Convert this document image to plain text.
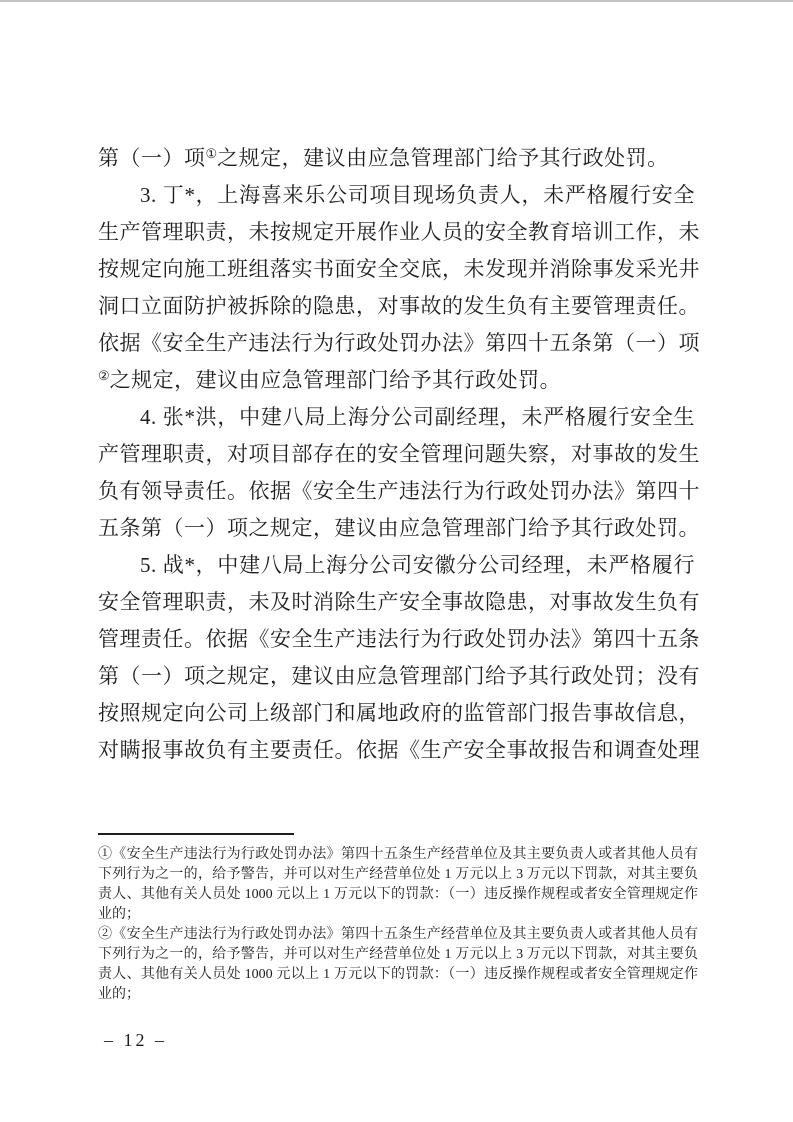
第（一）项①之规定，建议由应急管理部门给予其行政处罚。
3. 丁*，上海喜来乐公司项目现场负责人，未严格履行安全
生产管理职责，未按规定开展作业人员的安全教育培训工作，未
按规定向施工班组落实书面安全交底，未发现并消除事发采光井
洞口立面防护被拆除的隐患，对事故的发生负有主要管理责任。
依据《安全生产违法行为行政处罚办法》第四十五条第（一）项
②之规定，建议由应急管理部门给予其行政处罚。
4. 张*洪，中建八局上海分公司副经理，未严格履行安全生
产管理职责，对项目部存在的安全管理问题失察，对事故的发生
负有领导责任。依据《安全生产违法行为行政处罚办法》第四十
五条第（一）项之规定，建议由应急管理部门给予其行政处罚。
5. 战*，中建八局上海分公司安徽分公司经理，未严格履行
安全管理职责，未及时消除生产安全事故隐患，对事故发生负有
管理责任。依据《安全生产违法行为行政处罚办法》第四十五条
第（一）项之规定，建议由应急管理部门给予其行政处罚；没有
按照规定向公司上级部门和属地政府的监管部门报告事故信息，
对瞒报事故负有主要责任。依据《生产安全事故报告和调查处理
①《安全生产违法行为行政处罚办法》第四十五条生产经营单位及其主要负责人或者其他人员有
下列行为之一的，给予警告，并可以对生产经营单位处 1 万元以上 3 万元以下罚款，对其主要负
责人、其他有关人员处 1000 元以上 1 万元以下的罚款：（一）违反操作规程或者安全管理规定作
业的；
②《安全生产违法行为行政处罚办法》第四十五条生产经营单位及其主要负责人或者其他人员有
下列行为之一的，给予警告，并可以对生产经营单位处 1 万元以上 3 万元以下罚款，对其主要负
责人、其他有关人员处 1000 元以上 1 万元以下的罚款：（一）违反操作规程或者安全管理规定作
业的；
– 12 –
